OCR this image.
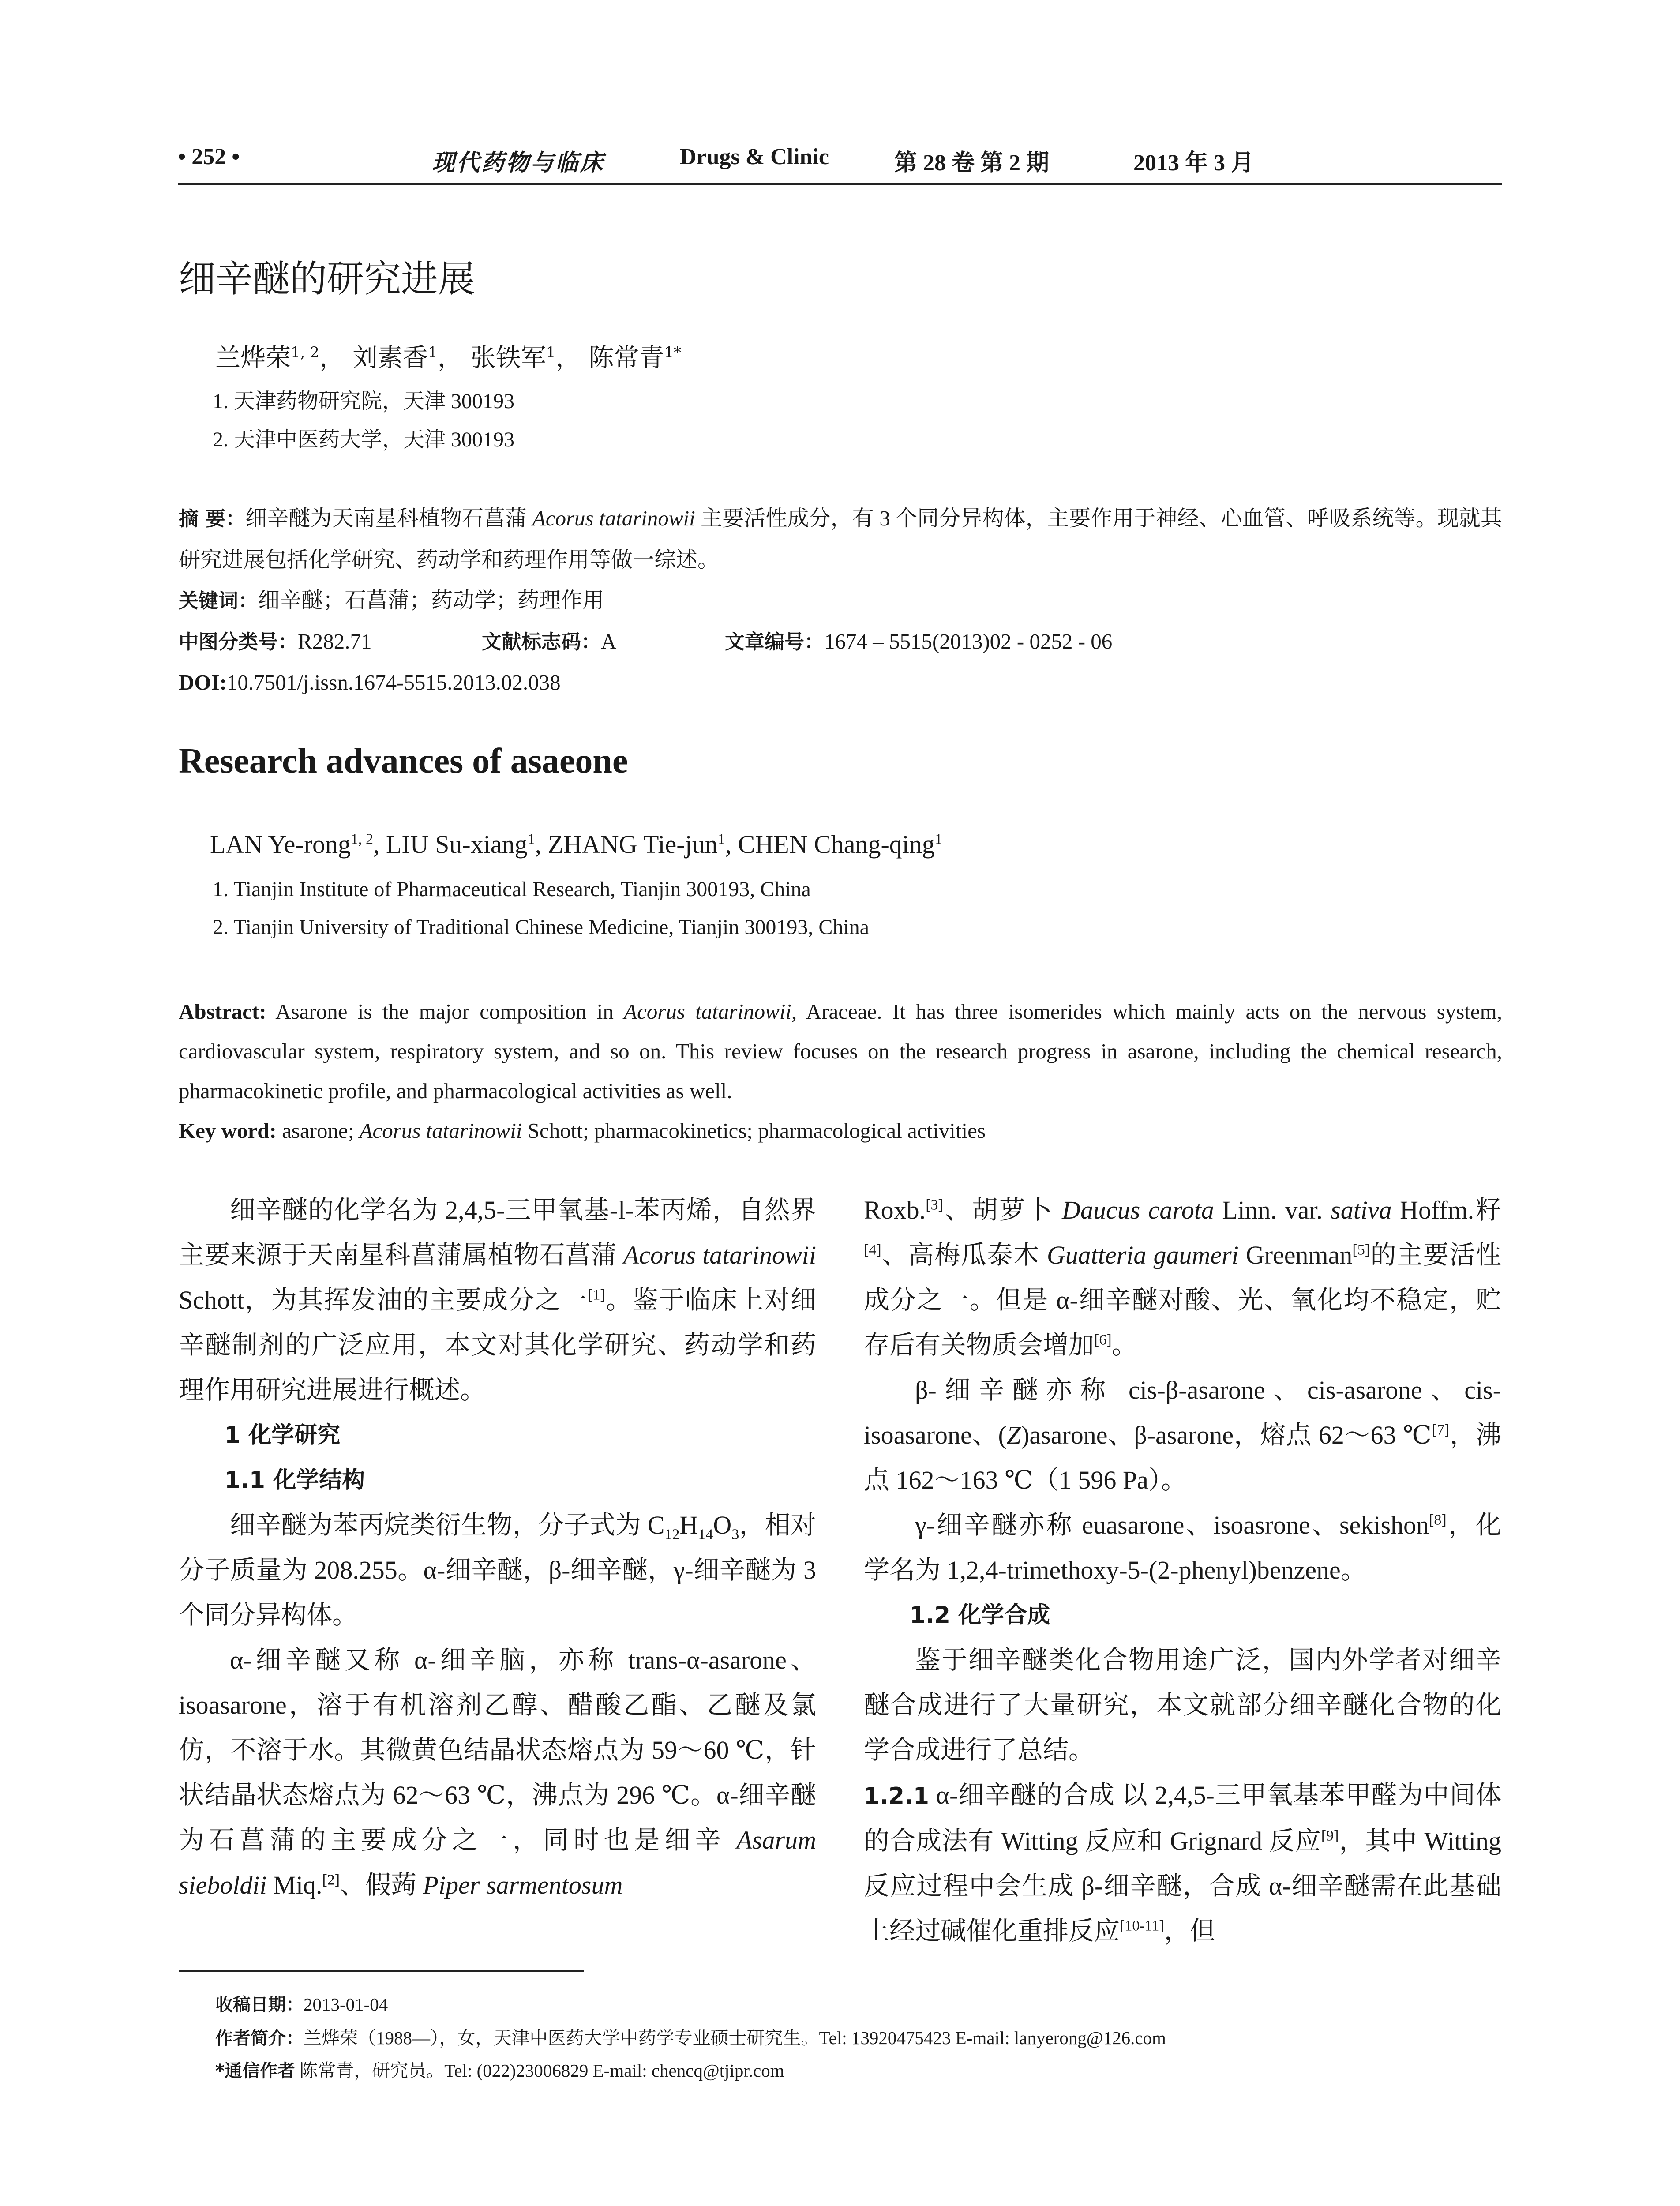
• 252 •	现代药物与临床	Drugs & Clinic	第 28 卷 第 2 期	2013 年 3 月
细辛醚的研究进展
兰烨荣$^{1, 2}$， 刘素香$^1$， 张铁军$^1$， 陈常青$^{1*}$
1. 天津药物研究院，天津 300193
2. 天津中医药大学，天津 300193
摘 要：细辛醚为天南星科植物石菖蒲 Acorus tatarinowii 主要活性成分，有 3 个同分异构体，主要作用于神经、心血管、呼吸系统等。现就其研究进展包括化学研究、药动学和药理作用等做一综述。
关键词：细辛醚；石菖蒲；药动学；药理作用
中图分类号：R282.71	文献标志码：A	文章编号：1674 – 5515(2013)02 - 0252 - 06
DOI:10.7501/j.issn.1674-5515.2013.02.038
Research advances of asaeone
LAN Ye-rong$^{1, 2}$, LIU Su-xiang$^1$, ZHANG Tie-jun$^1$, CHEN Chang-qing$^1$
1. Tianjin Institute of Pharmaceutical Research, Tianjin 300193, China
2. Tianjin University of Traditional Chinese Medicine, Tianjin 300193, China
Abstract: Asarone is the major composition in Acorus tatarinowii, Araceae. It has three isomerides which mainly acts on the nervous system, cardiovascular system, respiratory system, and so on. This review focuses on the research progress in asarone, including the chemical research, pharmacokinetic profile, and pharmacological activities as well.
Key word: asarone; Acorus tatarinowii Schott; pharmacokinetics; pharmacological activities

细辛醚的化学名为 2,4,5-三甲氧基-l-苯丙烯，自然界主要来源于天南星科菖蒲属植物石菖蒲 Acorus tatarinowii Schott，为其挥发油的主要成分之一[1]。鉴于临床上对细辛醚制剂的广泛应用，本文对其化学研究、药动学和药理作用研究进展进行概述。

1 化学研究

1.1 化学结构

细辛醚为苯丙烷类衍生物，分子式为 $C_{12}H_{14}O_3$，相对分子质量为 208.255。α-细辛醚，β-细辛醚，γ-细辛醚为 3 个同分异构体。

α-细辛醚又称 α-细辛脑，亦称 trans-α-asarone、isoasarone，溶于有机溶剂乙醇、醋酸乙酯、乙醚及氯仿，不溶于水。其微黄色结晶状态熔点为 59～60 ℃，针状结晶状态熔点为 62～63 ℃，沸点为 296 ℃。α-细辛醚为石菖蒲的主要成分之一，同时也是细辛 Asarum sieboldii Miq.[2]、假蒟 Piper sarmentosum

Roxb.[3]、胡萝卜 Daucus carota Linn. var. sativa Hoffm.籽[4]、高梅瓜泰木 Guatteria gaumeri Greenman[5]的主要活性成分之一。但是 α-细辛醚对酸、光、氧化均不稳定，贮存后有关物质会增加[6]。

β-细辛醚亦称 cis-β-asarone、cis-asarone、cis-isoasarone、(Z)asarone、β-asarone，熔点 62～63 ℃[7]，沸点 162～163 ℃（1 596 Pa）。

γ-细辛醚亦称 euasarone、isoasrone、sekishon[8]，化学名为 1,2,4-trimethoxy-5-(2-phenyl)benzene。

1.2 化学合成

鉴于细辛醚类化合物用途广泛，国内外学者对细辛醚合成进行了大量研究，本文就部分细辛醚化合物的化学合成进行了总结。

1.2.1 α-细辛醚的合成 以 2,4,5-三甲氧基苯甲醛为中间体的合成法有 Witting 反应和 Grignard 反应[9]，其中 Witting 反应过程中会生成 β-细辛醚，合成 α-细辛醚需在此基础上经过碱催化重排反应[10-11]，但

收稿日期：2013-01-04
作者简介：兰烨荣（1988—），女，天津中医药大学中药学专业硕士研究生。Tel: 13920475423 E-mail: lanyerong@126.com
*通信作者 陈常青，研究员。Tel: (022)23006829 E-mail: chencq@tjipr.com
